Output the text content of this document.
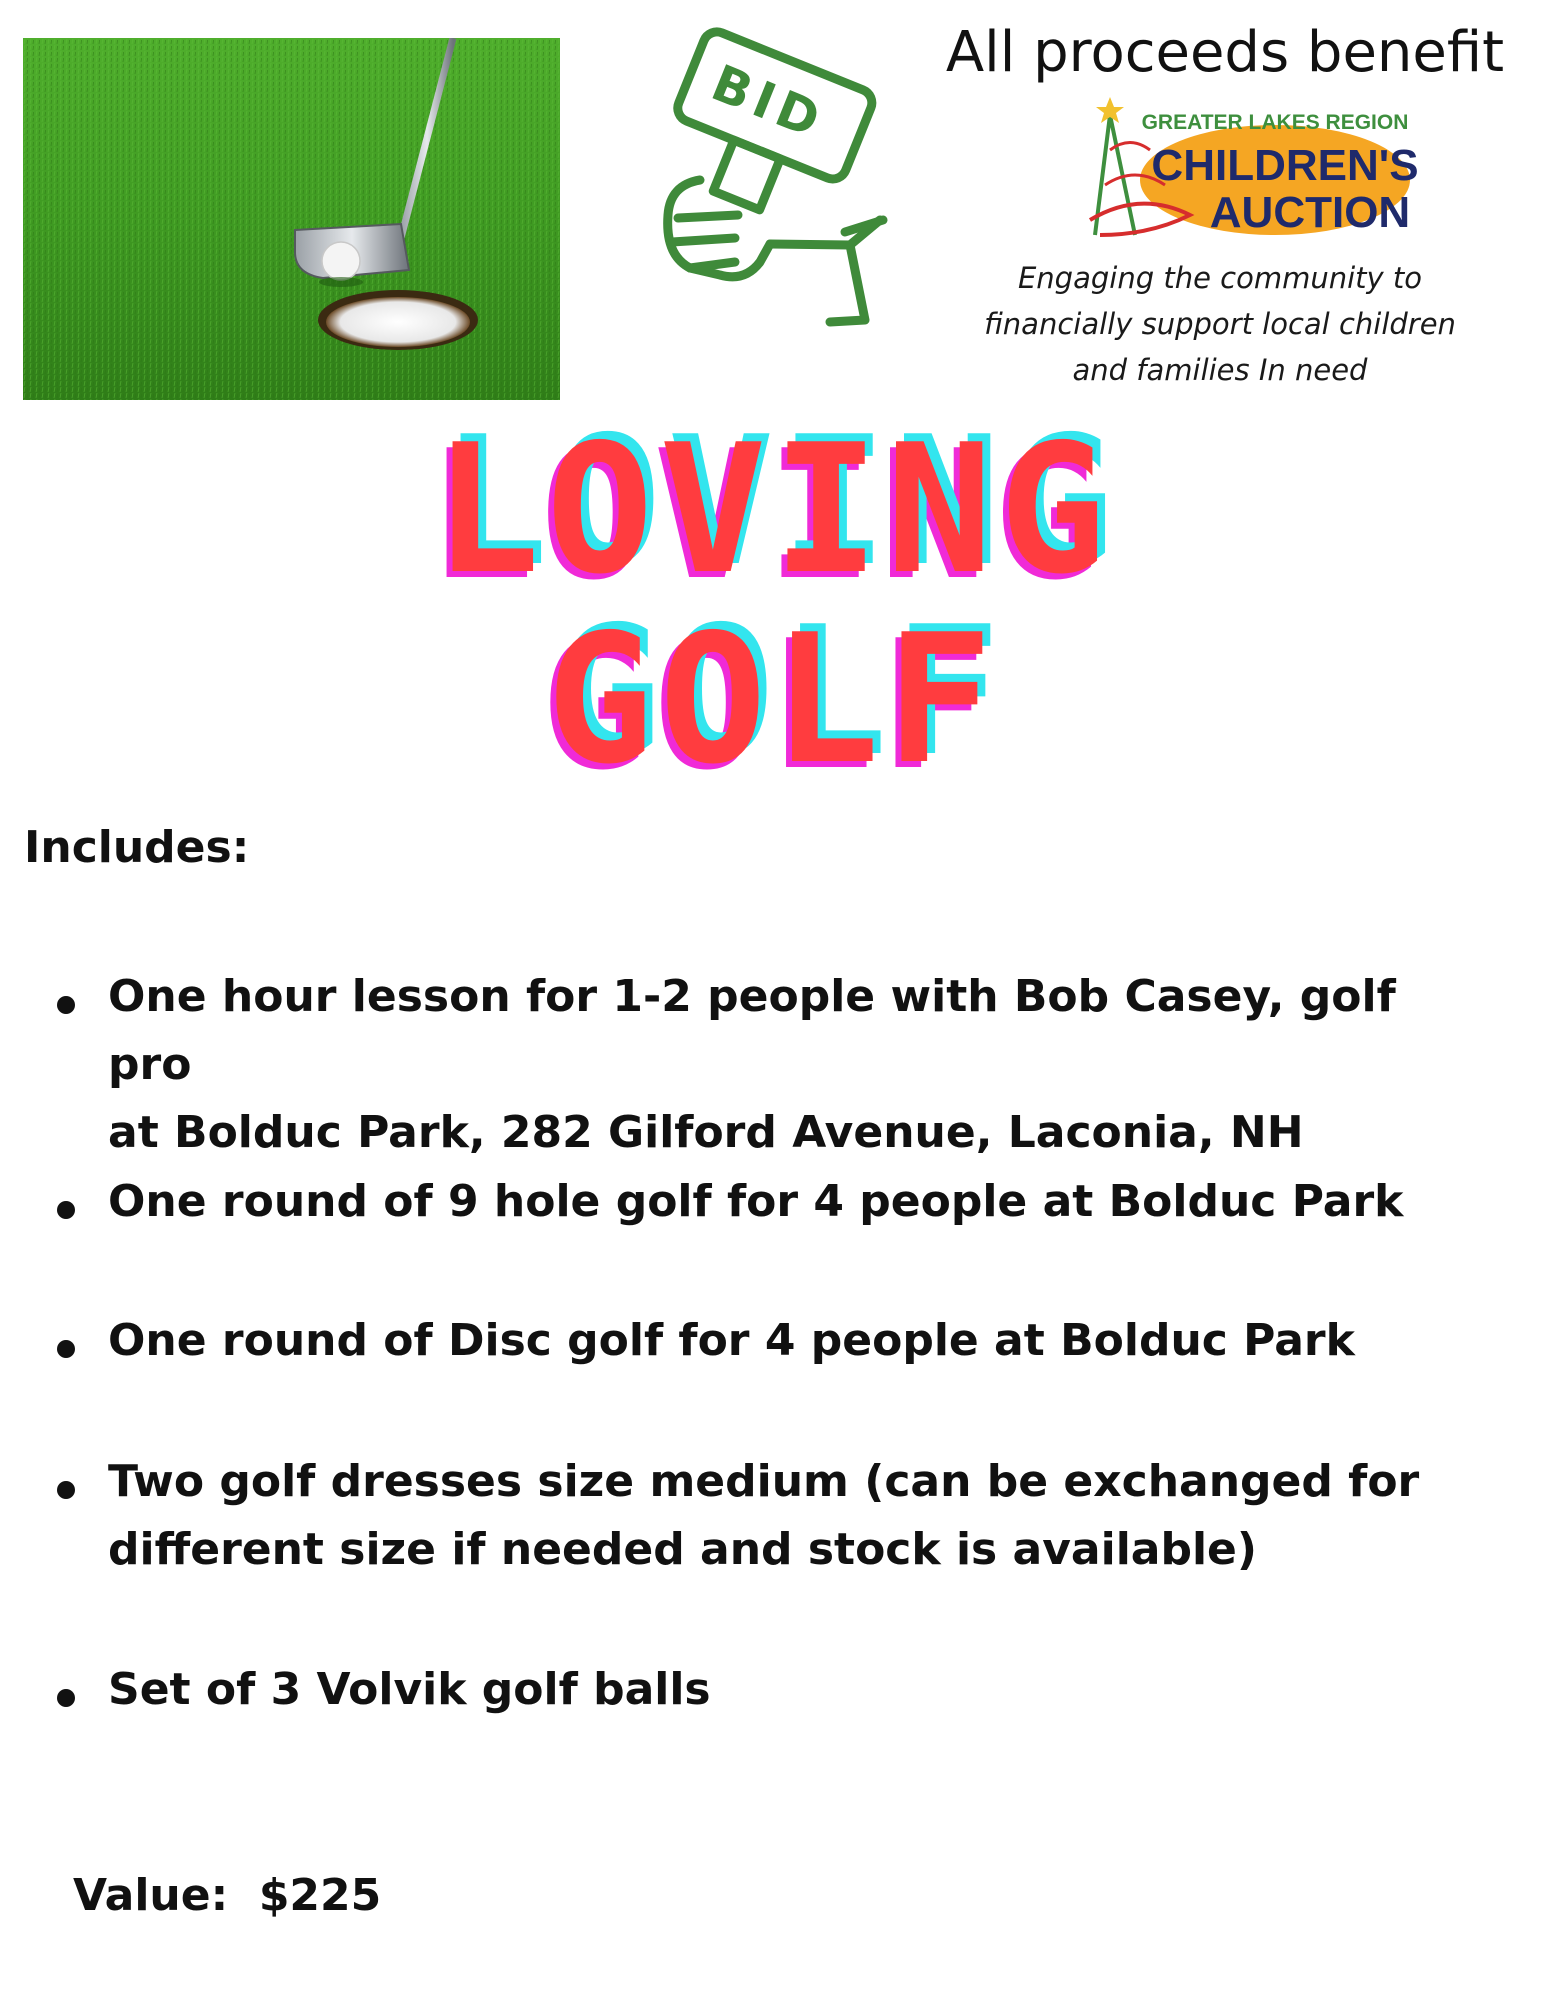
BID
All proceeds benefit
GREATER LAKES REGION
CHILDREN'S
AUCTION
Engaging the community to
financially support local children
and families In need
LOVING
GOLF
Includes:
One hour lesson for 1-2 people with Bob Casey, golf pro
at Bolduc Park, 282 Gilford Avenue, Laconia, NH
One round of 9 hole golf for 4 people at Bolduc Park
One round of Disc golf for 4 people at Bolduc Park
Two golf dresses size medium (can be exchanged for
different size if needed and stock is available)
Set of 3 Volvik golf balls
Value:  $225
